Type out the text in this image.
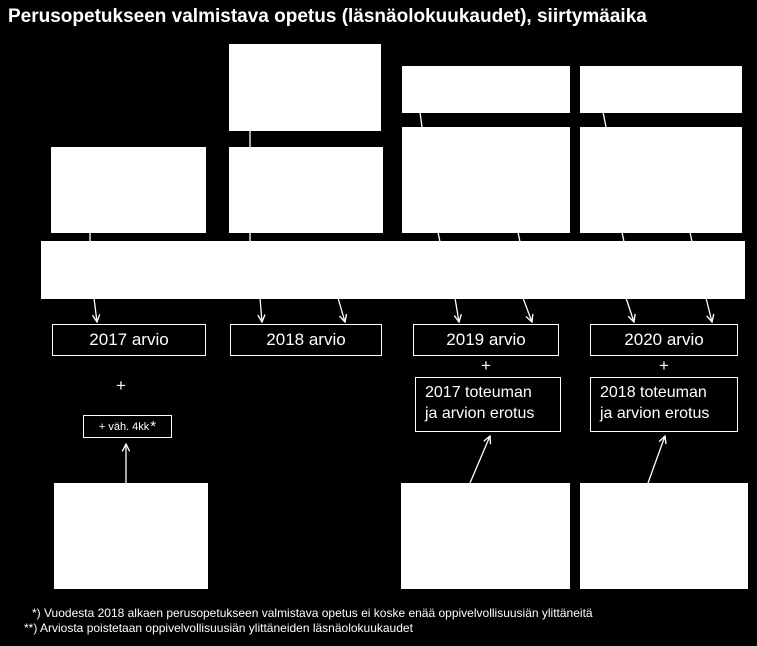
Perusopetukseen valmistava opetus (läsnäolokuukaudet), siirtymäaika
2017 arvio	2018 arvio	2019 arvio	2020 arvio
+
+	+
2017 toteuman
ja arvion erotus
2018 toteuman
ja arvion erotus
+ väh. 4kk *
*) Vuodesta 2018 alkaen perusopetukseen valmistava opetus ei koske enää oppivelvollisuusiän ylittäneitä
**) Arviosta poistetaan oppivelvollisuusiän ylittäneiden läsnäolokuukaudet
